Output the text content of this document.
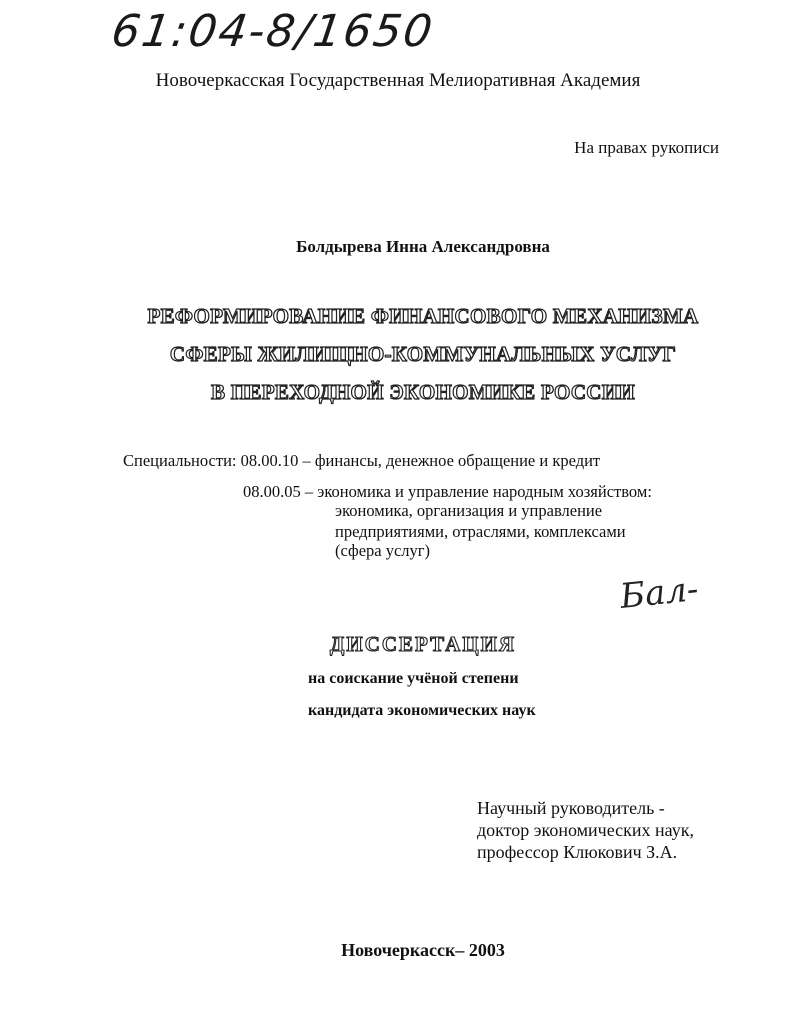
61:04-8/1650
Новочеркасская Государственная Мелиоративная Академия
На правах рукописи
Болдырева Инна Александровна
РЕФОРМИРОВАНИЕ ФИНАНСОВОГО МЕХАНИЗМА
СФЕРЫ ЖИЛИЩНО-КОММУНАЛЬНЫХ УСЛУГ
В ПЕРЕХОДНОЙ ЭКОНОМИКЕ РОССИИ
Специальности: 08.00.10 – финансы, денежное обращение и кредит
08.00.05 – экономика и управление народным хозяйством:
экономика, организация и управление
предприятиями, отраслями, комплексами
(сфера услуг)
Бал-
ДИССЕРТАЦИЯ
на соискание учёной степени
кандидата экономических наук
Научный руководитель -
доктор экономических наук,
профессор Клюкович З.А.
Новочеркасск– 2003
